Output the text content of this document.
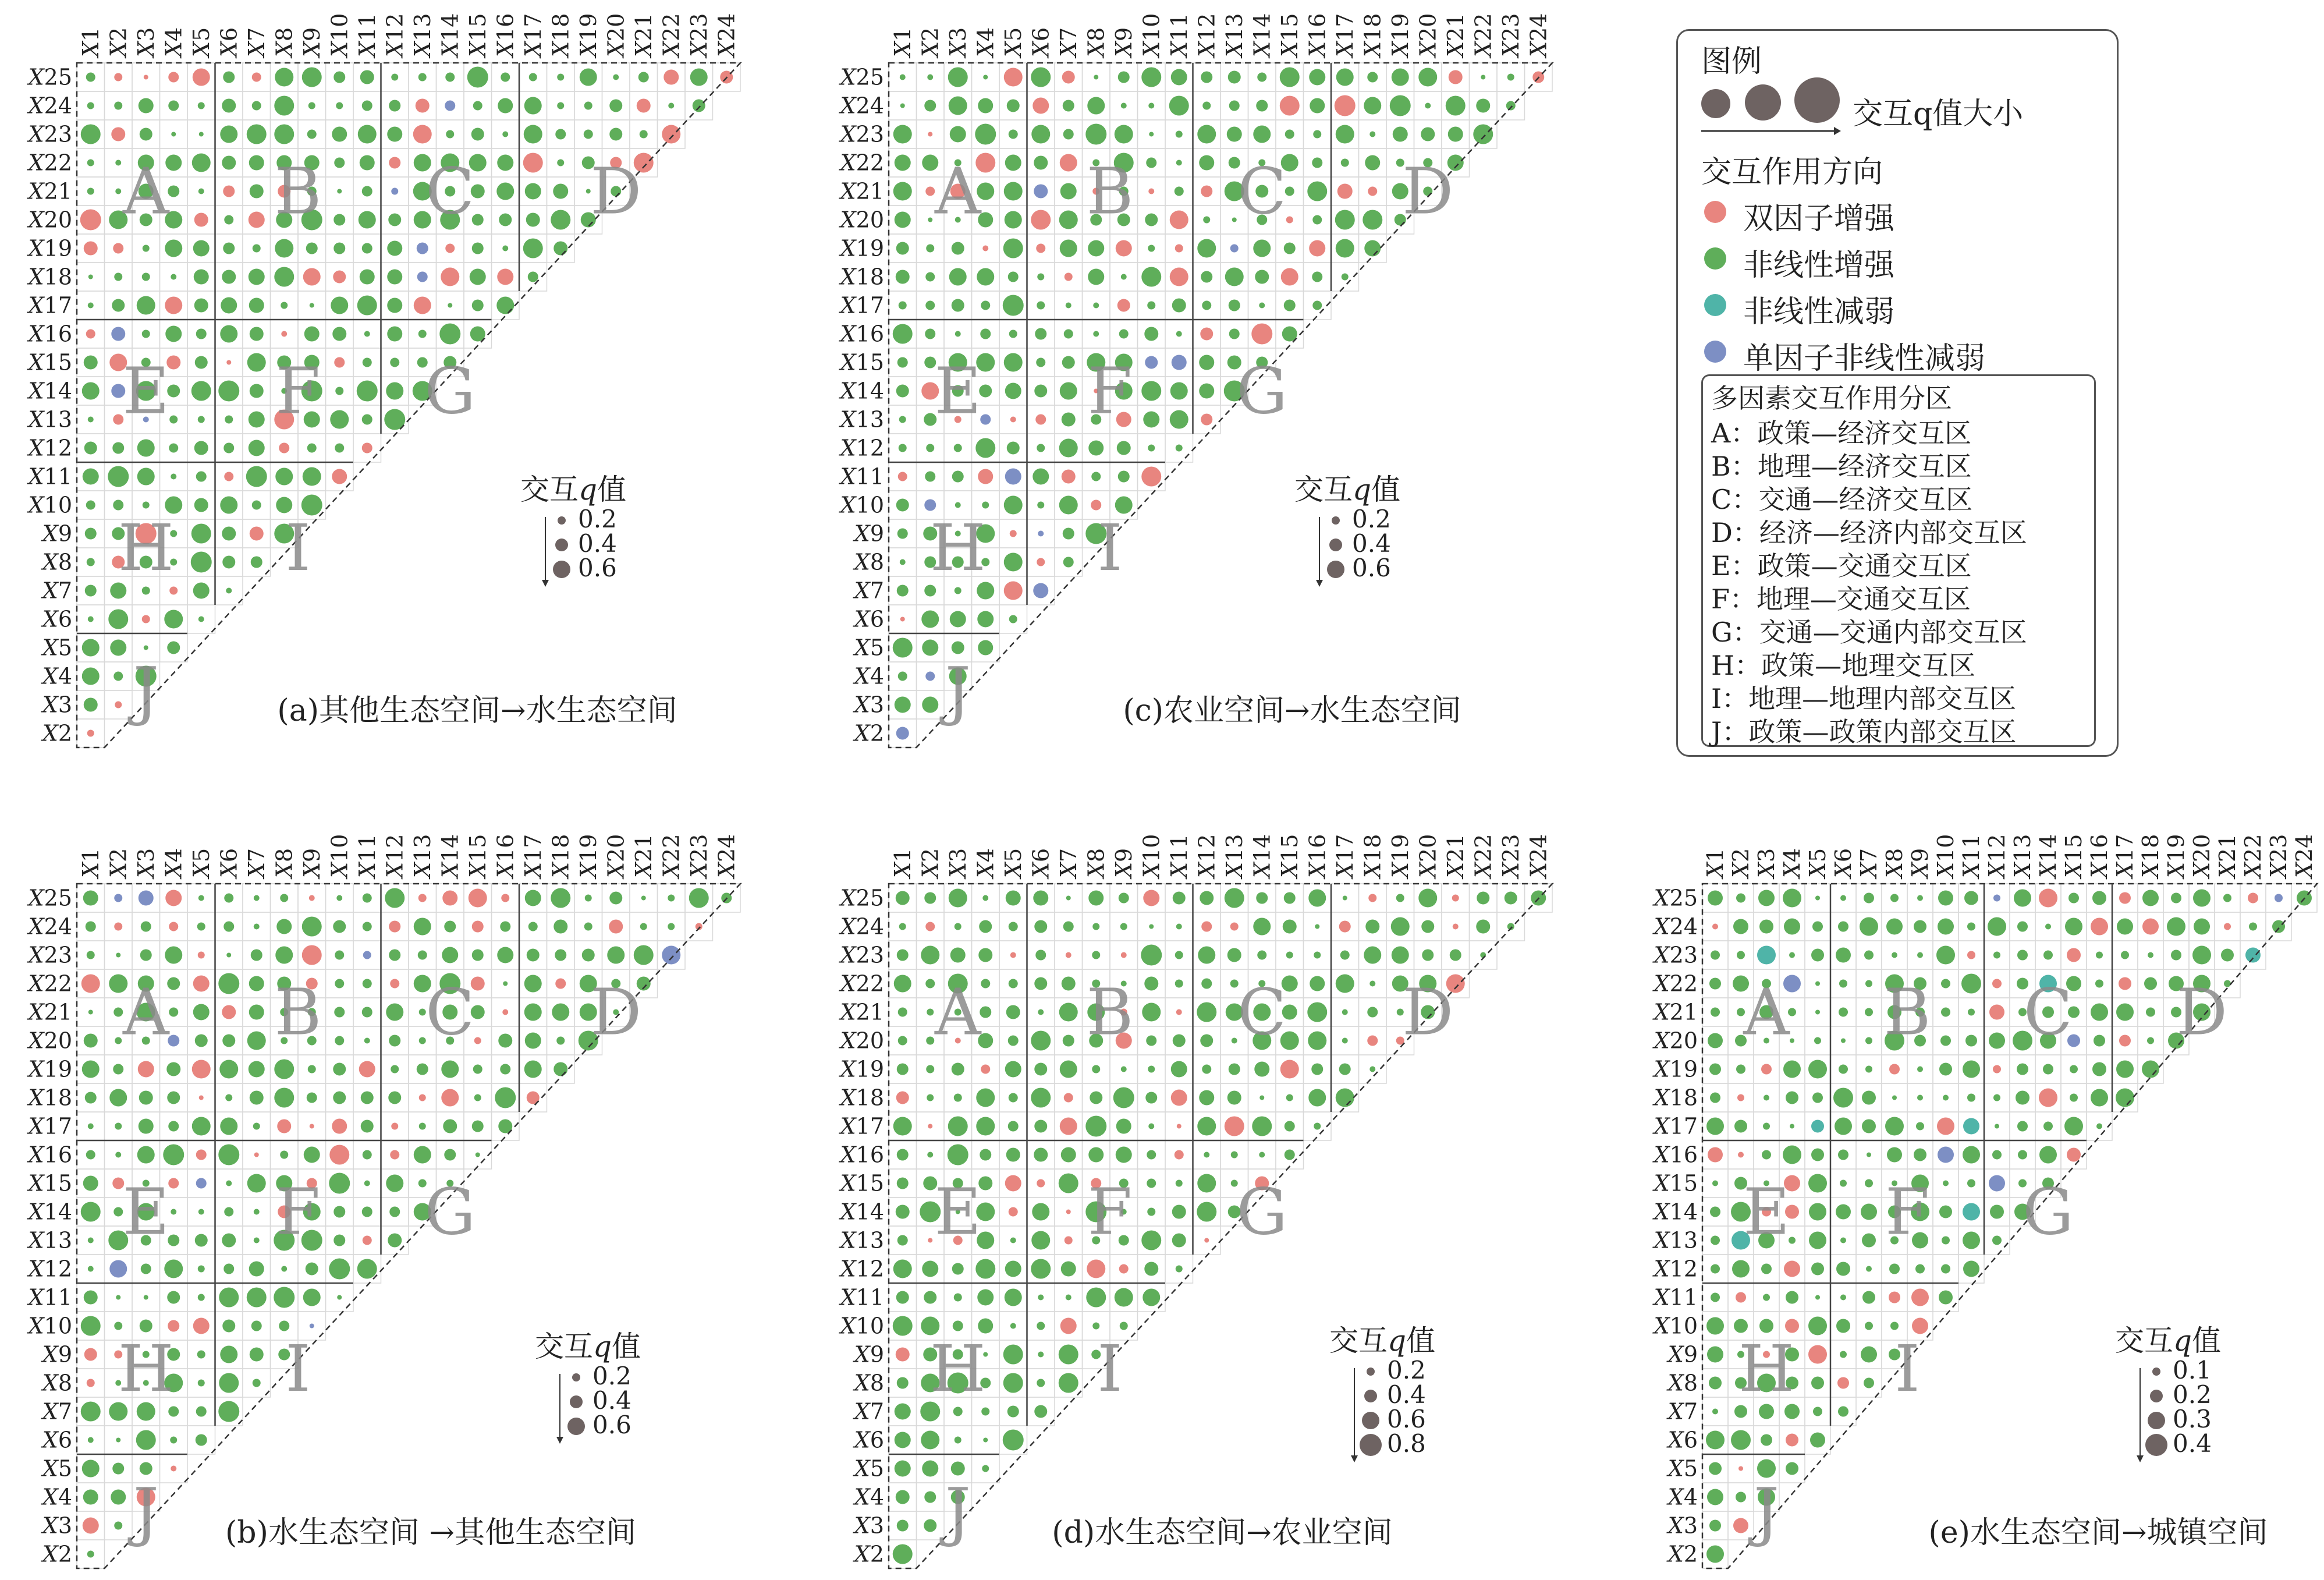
A B C D
E F G
H I
J
X1
X2
X3
X4
X5
X6
X7
X8
X9
X10
X11
X12
X13
X14
X15
X16
X17
X18
X19
X20
X21
X22
X23
X24
X25
X24
X23
X22
X21
X20
X19
X18
X17
X16
X15
X14
X13
X12
X11
X10
X9
X8
X7
X6
X5
X4
X3
X2
(a)其他生态空间→水生态空间
交互q值
0.2
0.4
0.6
A B C D
E F G
H I
J
X1
X2
X3
X4
X5
X6
X7
X8
X9
X10
X11
X12
X13
X14
X15
X16
X17
X18
X19
X20
X21
X22
X23
X24
X25
X24
X23
X22
X21
X20
X19
X18
X17
X16
X15
X14
X13
X12
X11
X10
X9
X8
X7
X6
X5
X4
X3
X2
(c)农业空间→水生态空间
交互q值
0.2
0.4
0.6
A B C D
E F G
H I
J
X1
X2
X3
X4
X5
X6
X7
X8
X9
X10
X11
X12
X13
X14
X15
X16
X17
X18
X19
X20
X21
X22
X23
X24
X25
X24
X23
X22
X21
X20
X19
X18
X17
X16
X15
X14
X13
X12
X11
X10
X9
X8
X7
X6
X5
X4
X3
X2
(b)水生态空间 →其他生态空间
交互q值
0.2
0.4
0.6
A B C D
E F G
H I
J
X1
X2
X3
X4
X5
X6
X7
X8
X9
X10
X11
X12
X13
X14
X15
X16
X17
X18
X19
X20
X21
X22
X23
X24
X25
X24
X23
X22
X21
X20
X19
X18
X17
X16
X15
X14
X13
X12
X11
X10
X9
X8
X7
X6
X5
X4
X3
X2
(d)水生态空间→农业空间
交互q值
0.2
0.4
0.6
0.8
A B C D
E F G
H I
J
X1
X2
X3
X4
X5
X6
X7
X8
X9
X10
X11
X12
X13
X14
X15
X16
X17
X18
X19
X20
X21
X22
X23
X24
X25
X24
X23
X22
X21
X20
X19
X18
X17
X16
X15
X14
X13
X12
X11
X10
X9
X8
X7
X6
X5
X4
X3
X2
(e)水生态空间→城镇空间
交互q值
0.1
0.2
0.3
0.4
图例
交互q值大小
交互作用方向
双因子增强
非线性增强
非线性减弱
单因子非线性减弱
多因素交互作用分区
A：政策—经济交互区
B：地理—经济交互区
C：交通—经济交互区
D：经济—经济内部交互区
E：政策—交通交互区
F：地理—交通交互区
G：交通—交通内部交互区
H：政策—地理交互区
I：地理—地理内部交互区
J：政策—政策内部交互区
